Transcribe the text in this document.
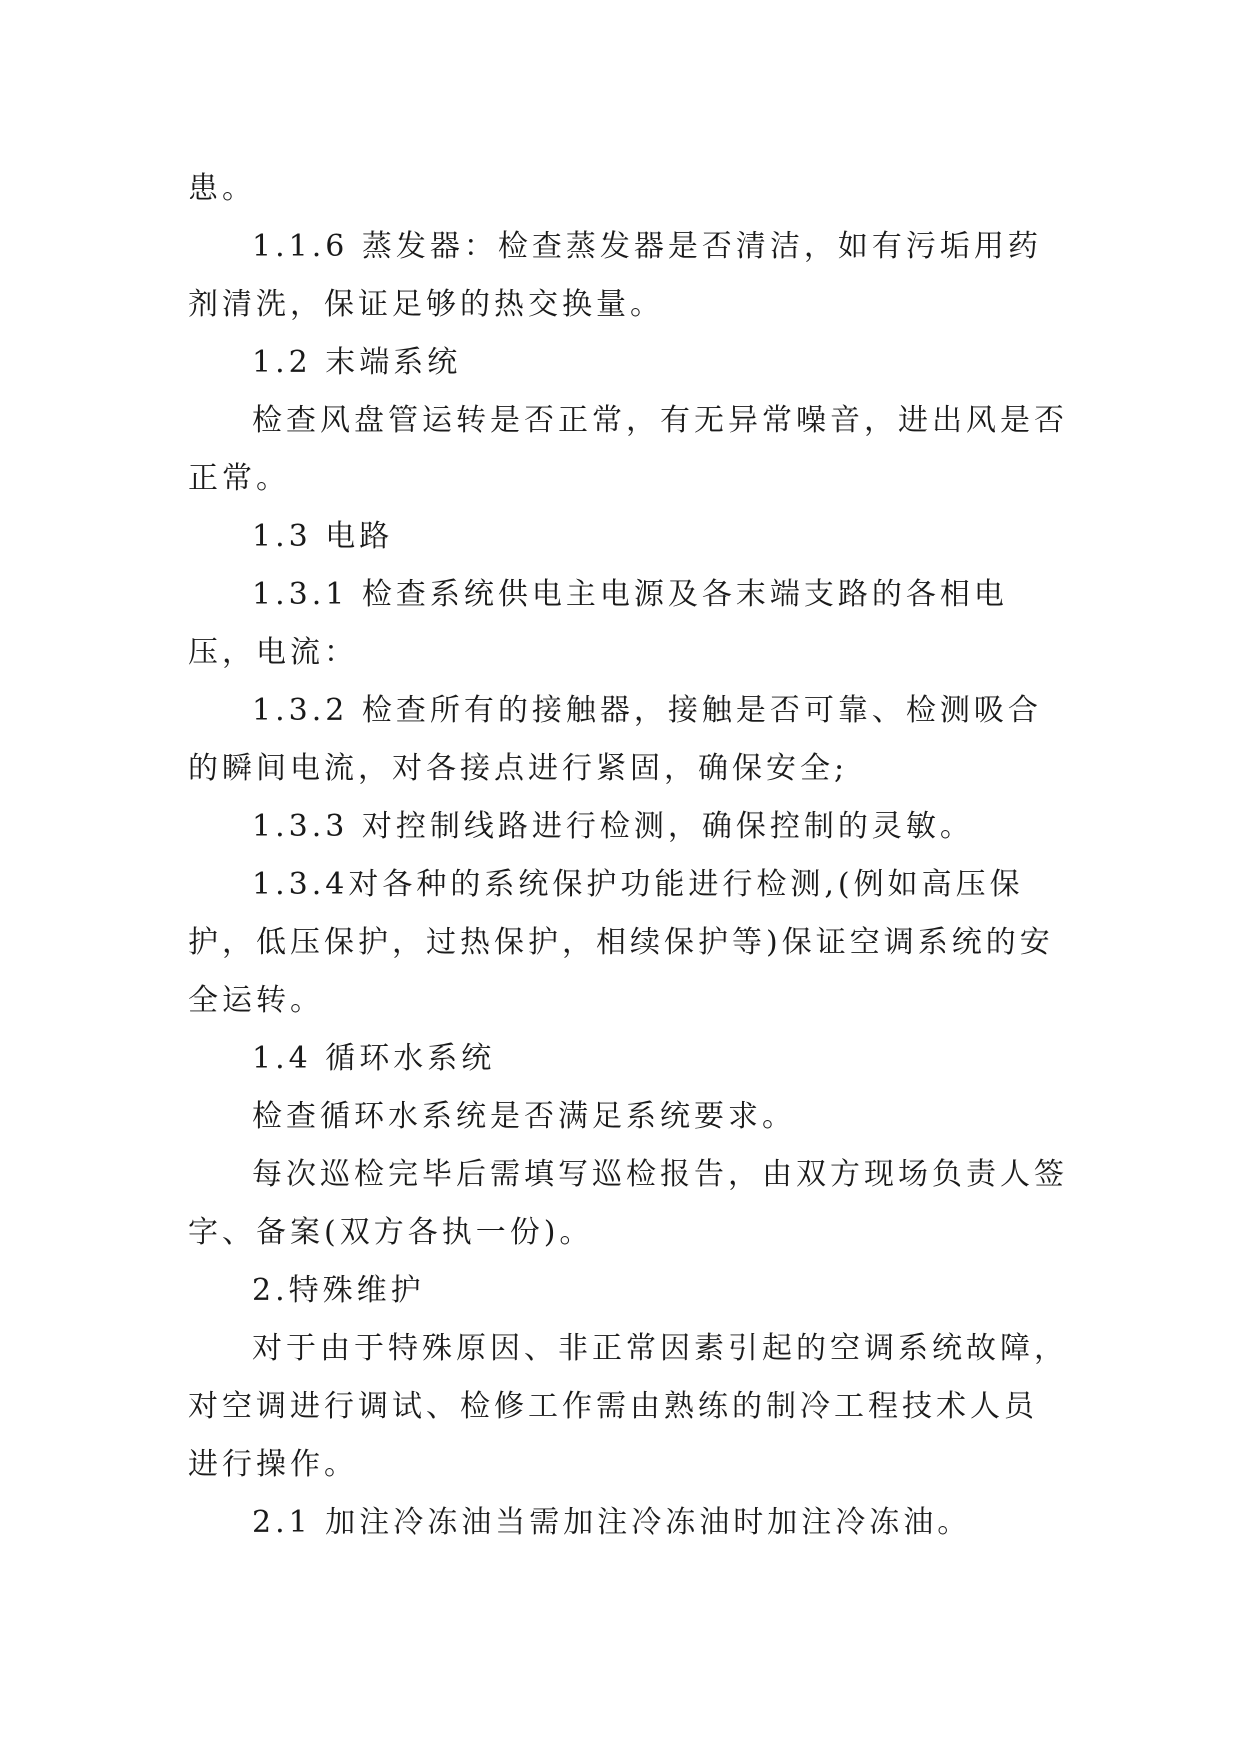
患。

1.1.6 蒸发器：检查蒸发器是否清洁，如有污垢用药剂清洗，保证足够的热交换量。

1.2 末端系统

检查风盘管运转是否正常，有无异常噪音，进出风是否正常。

1.3 电路

1.3.1 检查系统供电主电源及各末端支路的各相电压，电流：

1.3.2 检查所有的接触器，接触是否可靠、检测吸合的瞬间电流，对各接点进行紧固，确保安全;

1.3.3 对控制线路进行检测，确保控制的灵敏。

1.3.4对各种的系统保护功能进行检测,(例如高压保护，低压保护，过热保护，相续保护等)保证空调系统的安全运转。

1.4 循环水系统

检查循环水系统是否满足系统要求。

每次巡检完毕后需填写巡检报告，由双方现场负责人签字、备案(双方各执一份)。

2.特殊维护

对于由于特殊原因、非正常因素引起的空调系统故障，对空调进行调试、检修工作需由熟练的制冷工程技术人员进行操作。

2.1 加注冷冻油当需加注冷冻油时加注冷冻油。
